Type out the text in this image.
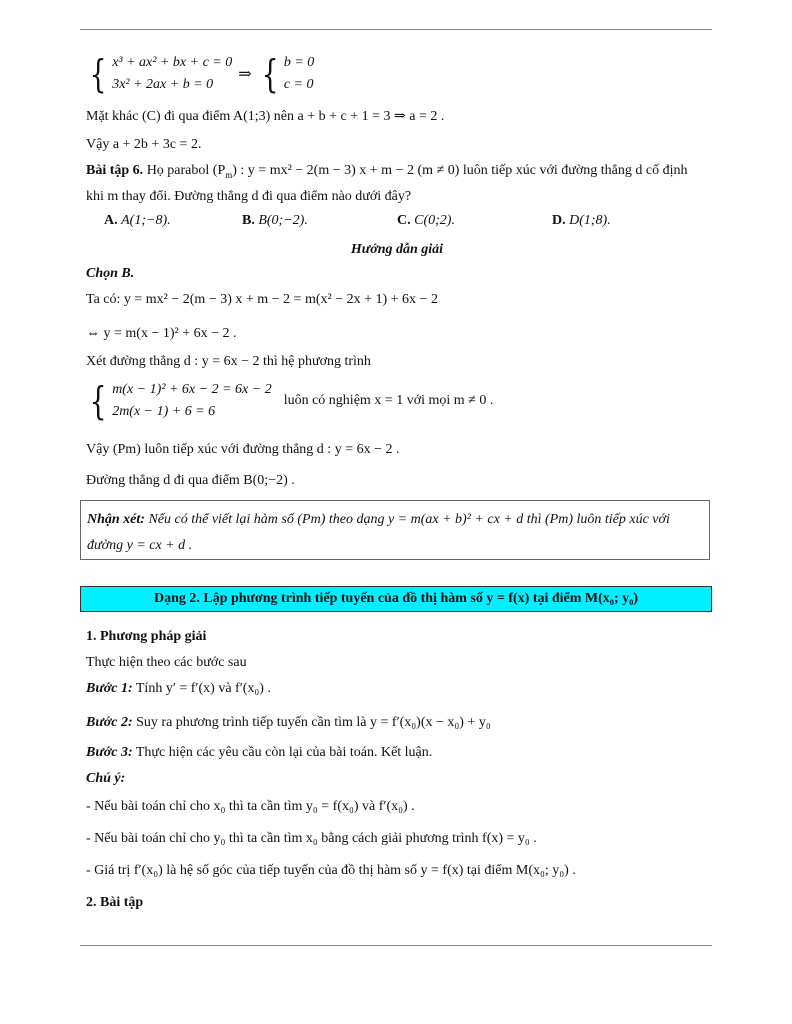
{ x³ + ax² + bx + c = 0
3x² + 2ax + b = 0
⇒ { b = 0
c = 0
Mặt khác (C) đi qua điểm A(1;3) nên a + b + c + 1 = 3 ⇒ a = 2 .
Vậy a + 2b + 3c = 2.
Bài tập 6. Họ parabol $(P_m)$ : y = mx² − 2(m − 3) x + m − 2 (m ≠ 0) luôn tiếp xúc với đường thẳng d cố định
khi m thay đổi. Đường thẳng d đi qua điểm nào dưới đây?
A. A(1;−8).	B. B(0;−2).	C. C(0;2).	D. D(1;8).
Hướng dẫn giải
Chọn B.
Ta có: y = mx² − 2(m − 3) x + m − 2 = m(x² − 2x + 1) + 6x − 2
⇔ y = m(x − 1)² + 6x − 2 .
Xét đường thẳng d : y = 6x − 2 thì hệ phương trình
{ m(x − 1)² + 6x − 2 = 6x − 2
2m(x − 1) + 6 = 6
luôn có nghiệm x = 1 với mọi m ≠ 0 .
Vậy (Pm) luôn tiếp xúc với đường thẳng d : y = 6x − 2 .
Đường thẳng d đi qua điểm B(0;−2) .
Nhận xét: Nếu có thể viết lại hàm số (Pm) theo dạng y = m(ax + b)² + cx + d thì (Pm) luôn tiếp xúc với
đường y = cx + d .
Dạng 2. Lập phương trình tiếp tuyến của đồ thị hàm số y = f(x) tại điểm M(x₀; y₀)
1. Phương pháp giải
Thực hiện theo các bước sau
Bước 1: Tính y′ = f′(x) và f′(x₀) .
Bước 2: Suy ra phương trình tiếp tuyến cần tìm là y = f′(x₀)(x − x₀) + y₀
Bước 3: Thực hiện các yêu cầu còn lại của bài toán. Kết luận.
Chú ý:
- Nếu bài toán chỉ cho x₀ thì ta cần tìm y₀ = f(x₀) và f′(x₀) .
- Nếu bài toán chỉ cho y₀ thì ta cần tìm x₀ bằng cách giải phương trình f(x) = y₀ .
- Giá trị f′(x₀) là hệ số góc của tiếp tuyến của đồ thị hàm số y = f(x) tại điểm M(x₀; y₀) .
2. Bài tập
